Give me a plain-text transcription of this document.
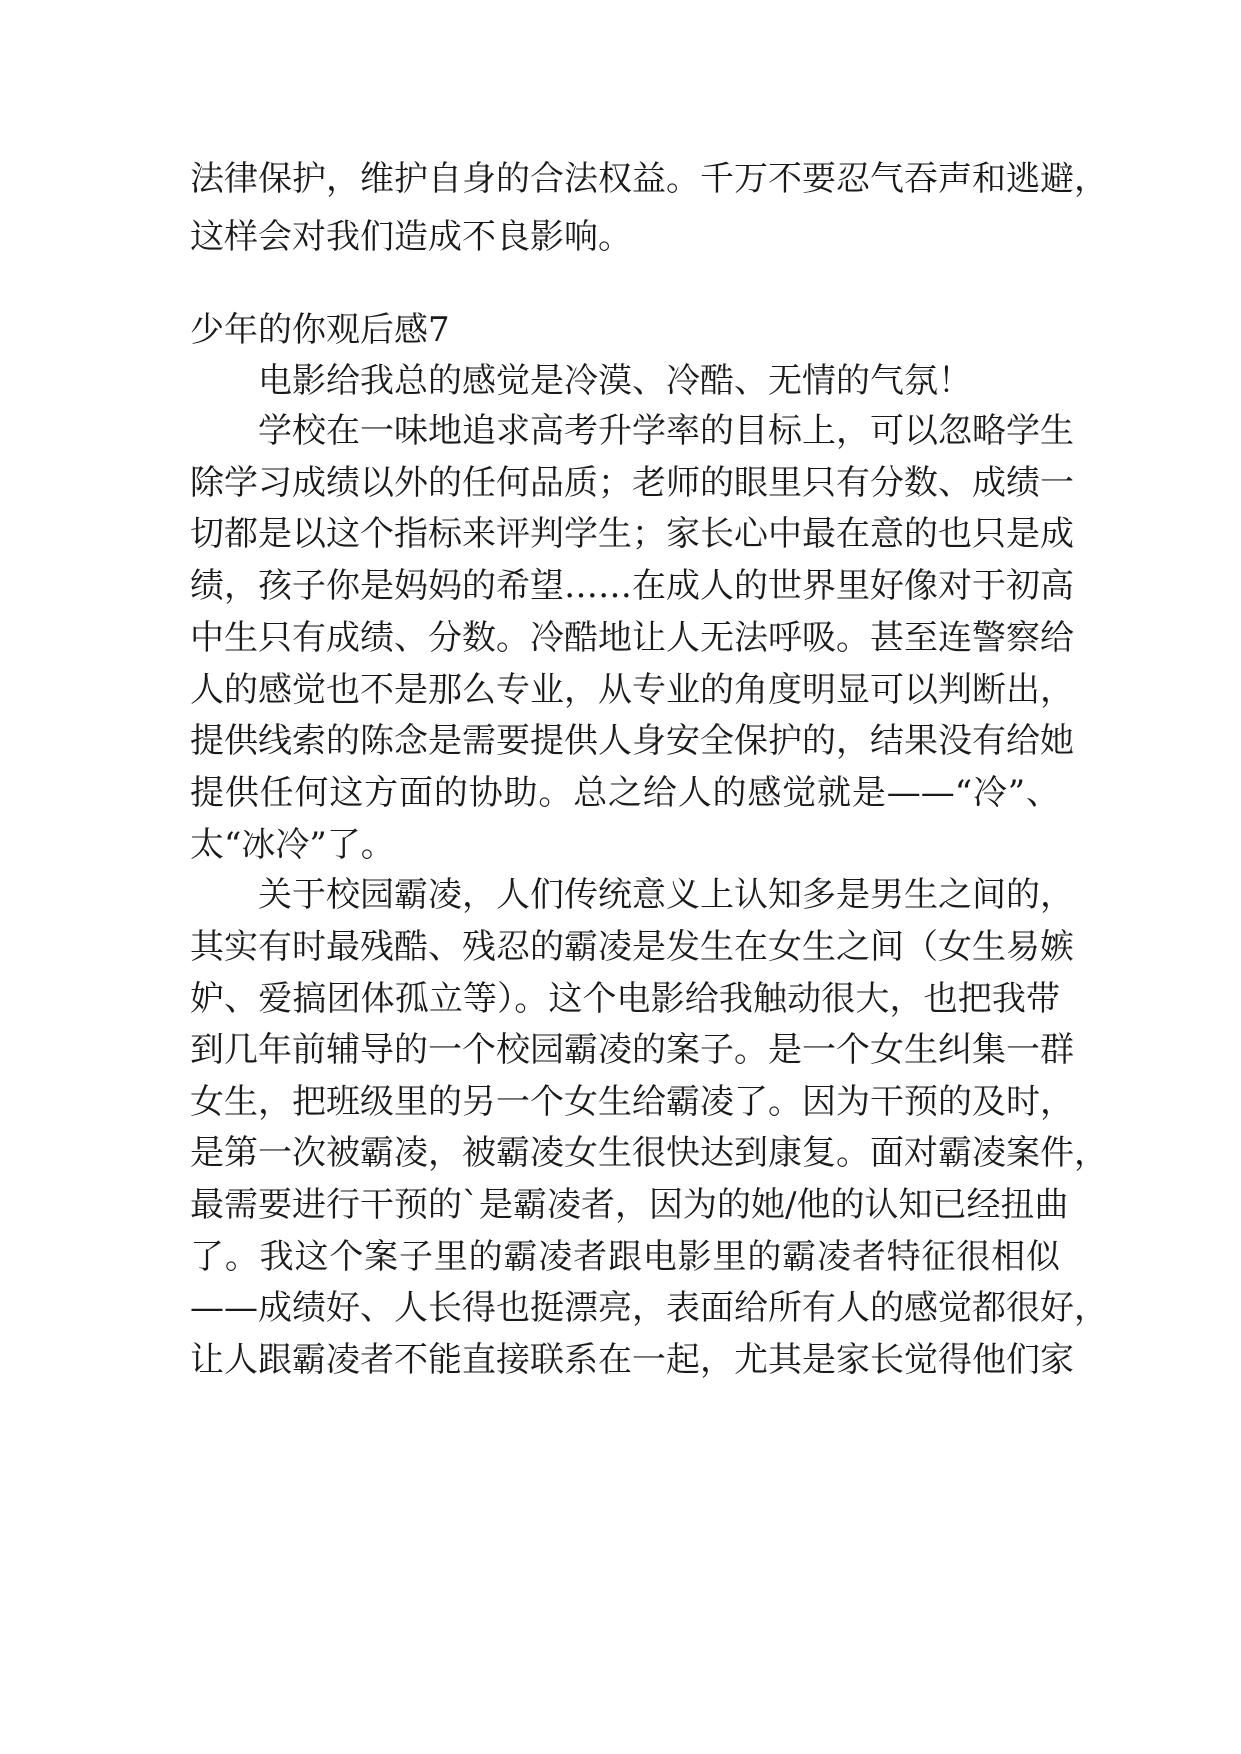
法律保护，维护自身的合法权益。千万不要忍气吞声和逃避，
这样会对我们造成不良影响。
少年的你观后感7
电影给我总的感觉是冷漠、冷酷、无情的气氛！
学校在一味地追求高考升学率的目标上，可以忽略学生
除学习成绩以外的任何品质；老师的眼里只有分数、成绩一
切都是以这个指标来评判学生；家长心中最在意的也只是成
绩，孩子你是妈妈的希望……在成人的世界里好像对于初高
中生只有成绩、分数。冷酷地让人无法呼吸。甚至连警察给
人的感觉也不是那么专业，从专业的角度明显可以判断出，
提供线索的陈念是需要提供人身安全保护的，结果没有给她
提供任何这方面的协助。总之给人的感觉就是——“冷”、
太“冰冷”了。
关于校园霸凌，人们传统意义上认知多是男生之间的，
其实有时最残酷、残忍的霸凌是发生在女生之间（女生易嫉
妒、爱搞团体孤立等）。这个电影给我触动很大，也把我带
到几年前辅导的一个校园霸凌的案子。是一个女生纠集一群
女生，把班级里的另一个女生给霸凌了。因为干预的及时，
是第一次被霸凌，被霸凌女生很快达到康复。面对霸凌案件，
最需要进行干预的`是霸凌者，因为的她/他的认知已经扭曲
了。我这个案子里的霸凌者跟电影里的霸凌者特征很相似
——成绩好、人长得也挺漂亮，表面给所有人的感觉都很好，
让人跟霸凌者不能直接联系在一起，尤其是家长觉得他们家
